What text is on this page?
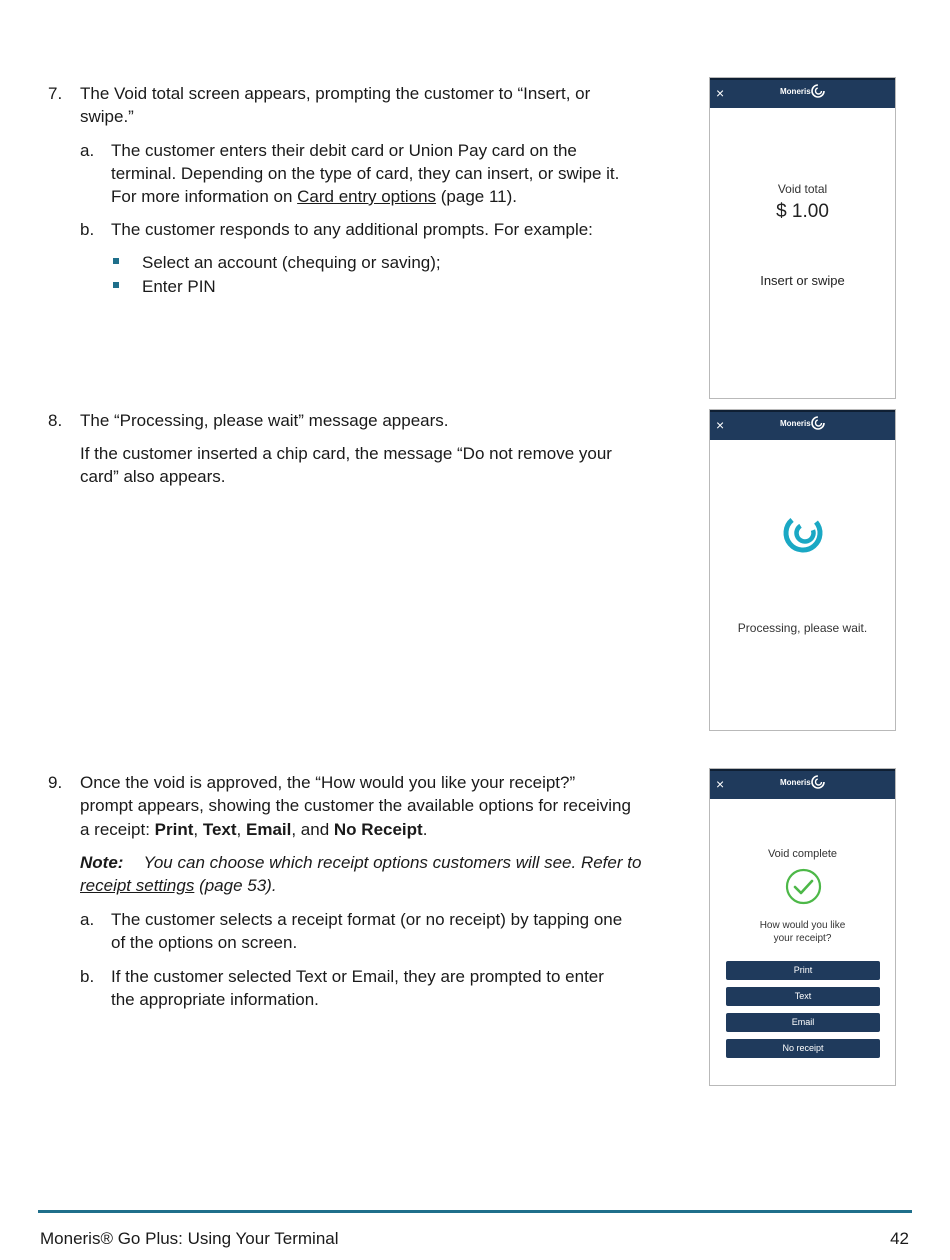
7. The Void total screen appears, prompting the customer to “Insert, or
swipe.”
a. The customer enters their debit card or Union Pay card on the
terminal. Depending on the type of card, they can insert, or swipe it.
For more information on Card entry options (page 11).
b. The customer responds to any additional prompts. For example:
Select an account (chequing or saving);
Enter PIN
8. The “Processing, please wait” message appears.
If the customer inserted a chip card, the message “Do not remove your
card” also appears.
9. Once the void is approved, the “How would you like your receipt?”
prompt appears, showing the customer the available options for receiving
a receipt: Print, Text, Email, and No Receipt.
Note: You can choose which receipt options customers will see. Refer to
receipt settings (page 53).
a. The customer selects a receipt format (or no receipt) by tapping one
of the options on screen.
b. If the customer selected Text or Email, they are prompted to enter
the appropriate information.
×	Moneris
Void total
$ 1.00
Insert or swipe
×	Moneris
Processing, please wait.
×	Moneris
Void complete
How would you like
your receipt?
Print
Text
Email
No receipt
Moneris® Go Plus: Using Your Terminal	42
